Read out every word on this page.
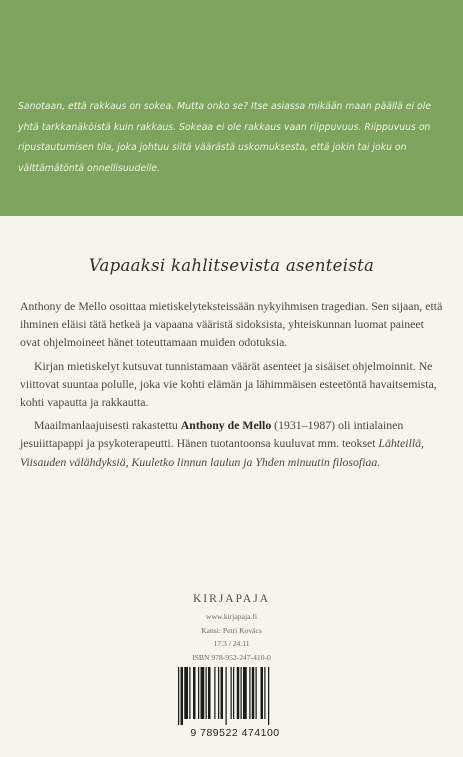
Sanotaan, että rakkaus on sokea. Mutta onko se? Itse asiassa mikään maan päällä ei ole yhtä tarkkanäköistä kuin rakkaus. Sokeaa ei ole rakkaus vaan riippuvuus. Riippuvuus on ripustautumisen tila, joka johtuu siitä väärästä uskomuksesta, että jokin tai joku on välttämätöntä onnellisuudelle.
Vapaaksi kahlitsevista asenteista

Anthony de Mello osoittaa mietiskelyteksteissään nykyihmisen tragedian. Sen sijaan, että ihminen eläisi tätä hetkeä ja vapaana vääristä sidoksista, yhteiskunnan luomat paineet ovat ohjelmoineet hänet toteuttamaan muiden odotuksia.

Kirjan mietiskelyt kutsuvat tunnistamaan väärät asenteet ja sisäiset ohjelmoinnit. Ne viittovat suuntaa polulle, joka vie kohti elämän ja lähimmäisen esteetöntä havaitsemista, kohti vapautta ja rakkautta.

Maailmanlaajuisesti rakastettu Anthony de Mello (1931–1987) oli intialainen jesuiittapappi ja psykoterapeutti. Hänen tuotantoonsa kuuluvat mm. teokset Lähteillä, Viisauden välähdyksiä, Kuuletko linnun laulun ja Yhden minuutin filosofiaa.

KIRJAPAJA
www.kirjapaja.fi
Kansi: Petri Kovács
17.3 / 24.11
ISBN 978-952-247-410-0
9 789522 474100
